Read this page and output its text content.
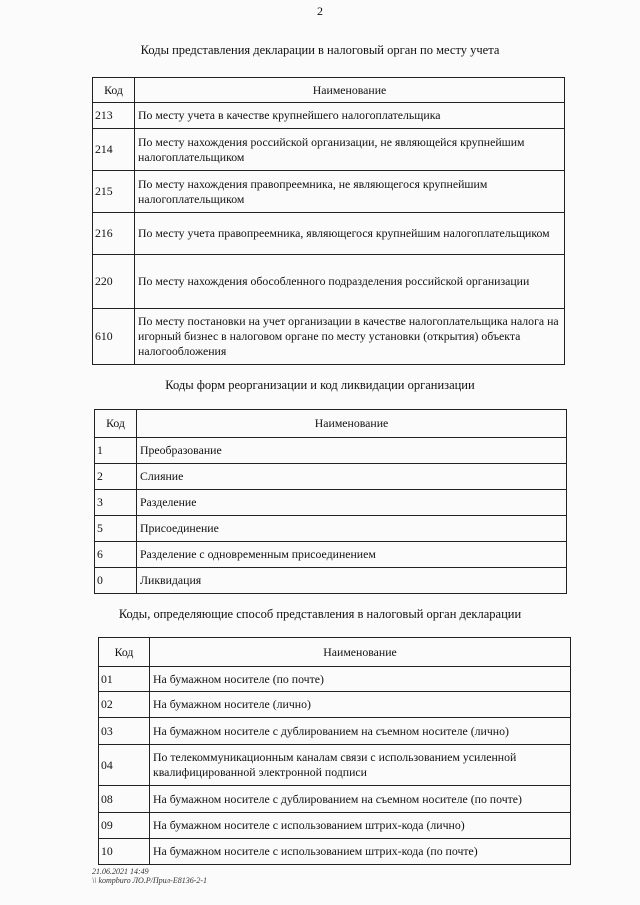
2
Коды представления декларации в налоговый орган по месту учета
Код	Наименование
213	По месту учета в качестве крупнейшего налогоплательщика
214	По месту нахождения российской организации, не являющейся крупнейшим налогоплательщиком
215	По месту нахождения правопреемника, не являющегося крупнейшим налогоплательщиком
216	По месту учета правопреемника, являющегося крупнейшим налогоплательщиком
220	По месту нахождения обособленного подразделения российской организации
610	По месту постановки на учет организации в качестве налогоплательщика налога на игорный бизнес в налоговом органе по месту установки (открытия) объекта налогообложения
Коды форм реорганизации и код ликвидации организации
Код	Наименование
1	Преобразование
2	Слияние
3	Разделение
5	Присоединение
6	Разделение с одновременным присоединением
0	Ликвидация
Коды, определяющие способ представления в налоговый орган декларации
Код	Наименование
01	На бумажном носителе (по почте)
02	На бумажном носителе (лично)
03	На бумажном носителе с дублированием на съемном носителе (лично)
04	По телекоммуникационным каналам связи с использованием усиленной квалифицированной электронной подписи
08	На бумажном носителе с дублированием на съемном носителе (по почте)
09	На бумажном носителе с использованием штрих-кода (лично)
10	На бумажном носителе с использованием штрих-кода (по почте)
21.06.2021 14:49
\\ kompburo ЛО.Р/Прил-Е8136-2-1
